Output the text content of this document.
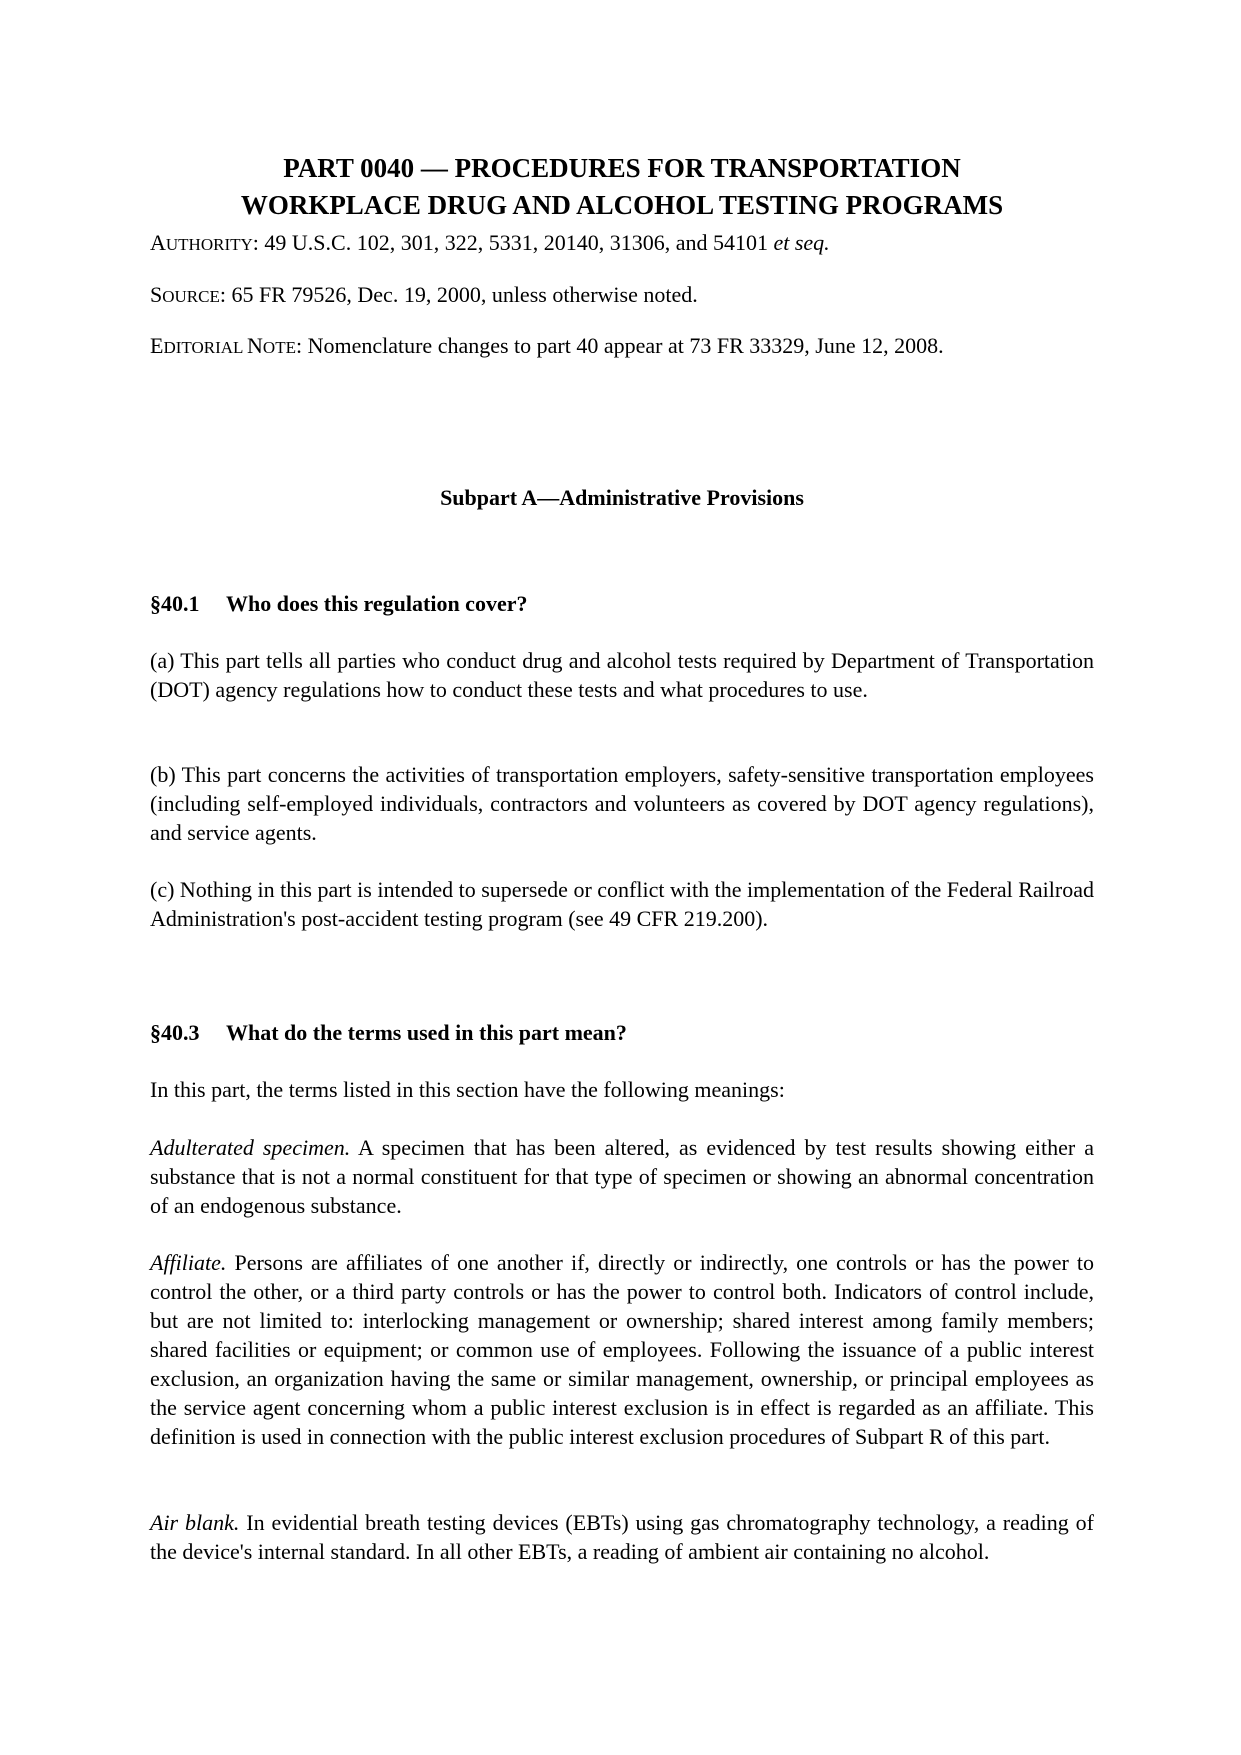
PART 0040 — PROCEDURES FOR TRANSPORTATION
WORKPLACE DRUG AND ALCOHOL TESTING PROGRAMS
AUTHORITY: 49 U.S.C. 102, 301, 322, 5331, 20140, 31306, and 54101 et seq.
SOURCE: 65 FR 79526, Dec. 19, 2000, unless otherwise noted.
EDITORIAL NOTE: Nomenclature changes to part 40 appear at 73 FR 33329, June 12, 2008.
Subpart A—Administrative Provisions
§40.1 Who does this regulation cover?
(a) This part tells all parties who conduct drug and alcohol tests required by Department of Transportation (DOT) agency regulations how to conduct these tests and what procedures to use.
(b) This part concerns the activities of transportation employers, safety-sensitive transportation employees (including self-employed individuals, contractors and volunteers as covered by DOT agency regulations), and service agents.
(c) Nothing in this part is intended to supersede or conflict with the implementation of the Federal Railroad Administration's post-accident testing program (see 49 CFR 219.200).
§40.3 What do the terms used in this part mean?
In this part, the terms listed in this section have the following meanings:
Adulterated specimen. A specimen that has been altered, as evidenced by test results showing either a substance that is not a normal constituent for that type of specimen or showing an abnormal concentration of an endogenous substance.
Affiliate. Persons are affiliates of one another if, directly or indirectly, one controls or has the power to control the other, or a third party controls or has the power to control both. Indicators of control include, but are not limited to: interlocking management or ownership; shared interest among family members; shared facilities or equipment; or common use of employees. Following the issuance of a public interest exclusion, an organization having the same or similar management, ownership, or principal employees as the service agent concerning whom a public interest exclusion is in effect is regarded as an affiliate. This definition is used in connection with the public interest exclusion procedures of Subpart R of this part.
Air blank. In evidential breath testing devices (EBTs) using gas chromatography technology, a reading of the device's internal standard. In all other EBTs, a reading of ambient air containing no alcohol.
